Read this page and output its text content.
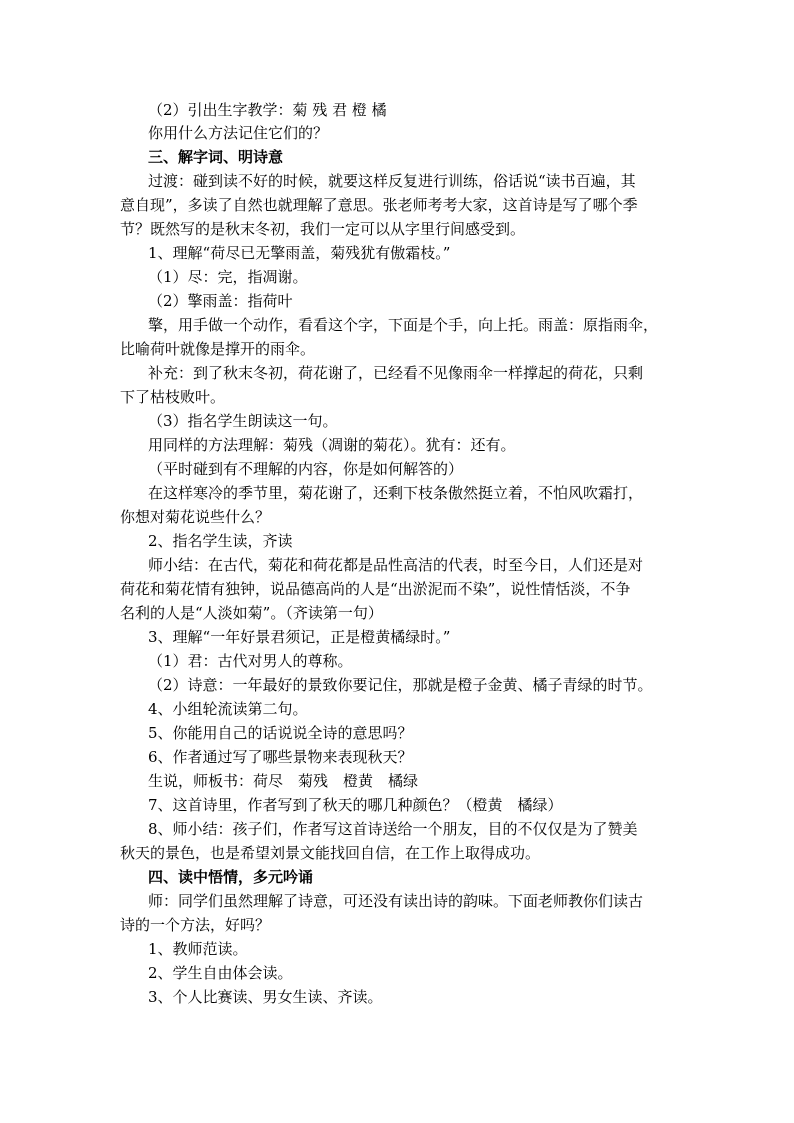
（2）引出生字教学：菊 残 君 橙 橘
你用什么方法记住它们的？
三、解字词、明诗意
过渡：碰到读不好的时候，就要这样反复进行训练，俗话说“读书百遍，其
意自现”，多读了自然也就理解了意思。张老师考考大家，这首诗是写了哪个季
节？既然写的是秋末冬初，我们一定可以从字里行间感受到。
1、理解“荷尽已无擎雨盖，菊残犹有傲霜枝。”
（1）尽：完，指凋谢。
（2）擎雨盖：指荷叶
擎，用手做一个动作，看看这个字，下面是个手，向上托。雨盖：原指雨伞，
比喻荷叶就像是撑开的雨伞。
补充：到了秋末冬初，荷花谢了，已经看不见像雨伞一样撑起的荷花，只剩
下了枯枝败叶。
（3）指名学生朗读这一句。
用同样的方法理解：菊残（凋谢的菊花）。犹有：还有。
（平时碰到有不理解的内容，你是如何解答的）
在这样寒冷的季节里，菊花谢了，还剩下枝条傲然挺立着，不怕风吹霜打，
你想对菊花说些什么？
2、指名学生读，齐读
师小结：在古代，菊花和荷花都是品性高洁的代表，时至今日，人们还是对
荷花和菊花情有独钟，说品德高尚的人是“出淤泥而不染”，说性情恬淡，不争
名利的人是“人淡如菊”。（齐读第一句）
3、理解“一年好景君须记，正是橙黄橘绿时。”
（1）君：古代对男人的尊称。
（2）诗意：一年最好的景致你要记住，那就是橙子金黄、橘子青绿的时节。
4、小组轮流读第二句。
5、你能用自己的话说说全诗的意思吗？
6、作者通过写了哪些景物来表现秋天？
生说，师板书：荷尽　菊残　橙黄　橘绿
7、这首诗里，作者写到了秋天的哪几种颜色？（橙黄　橘绿）
8、师小结：孩子们，作者写这首诗送给一个朋友，目的不仅仅是为了赞美
秋天的景色，也是希望刘景文能找回自信，在工作上取得成功。
四、读中悟情，多元吟诵
师：同学们虽然理解了诗意，可还没有读出诗的韵味。下面老师教你们读古
诗的一个方法，好吗？
1、教师范读。
2、学生自由体会读。
3、个人比赛读、男女生读、齐读。
